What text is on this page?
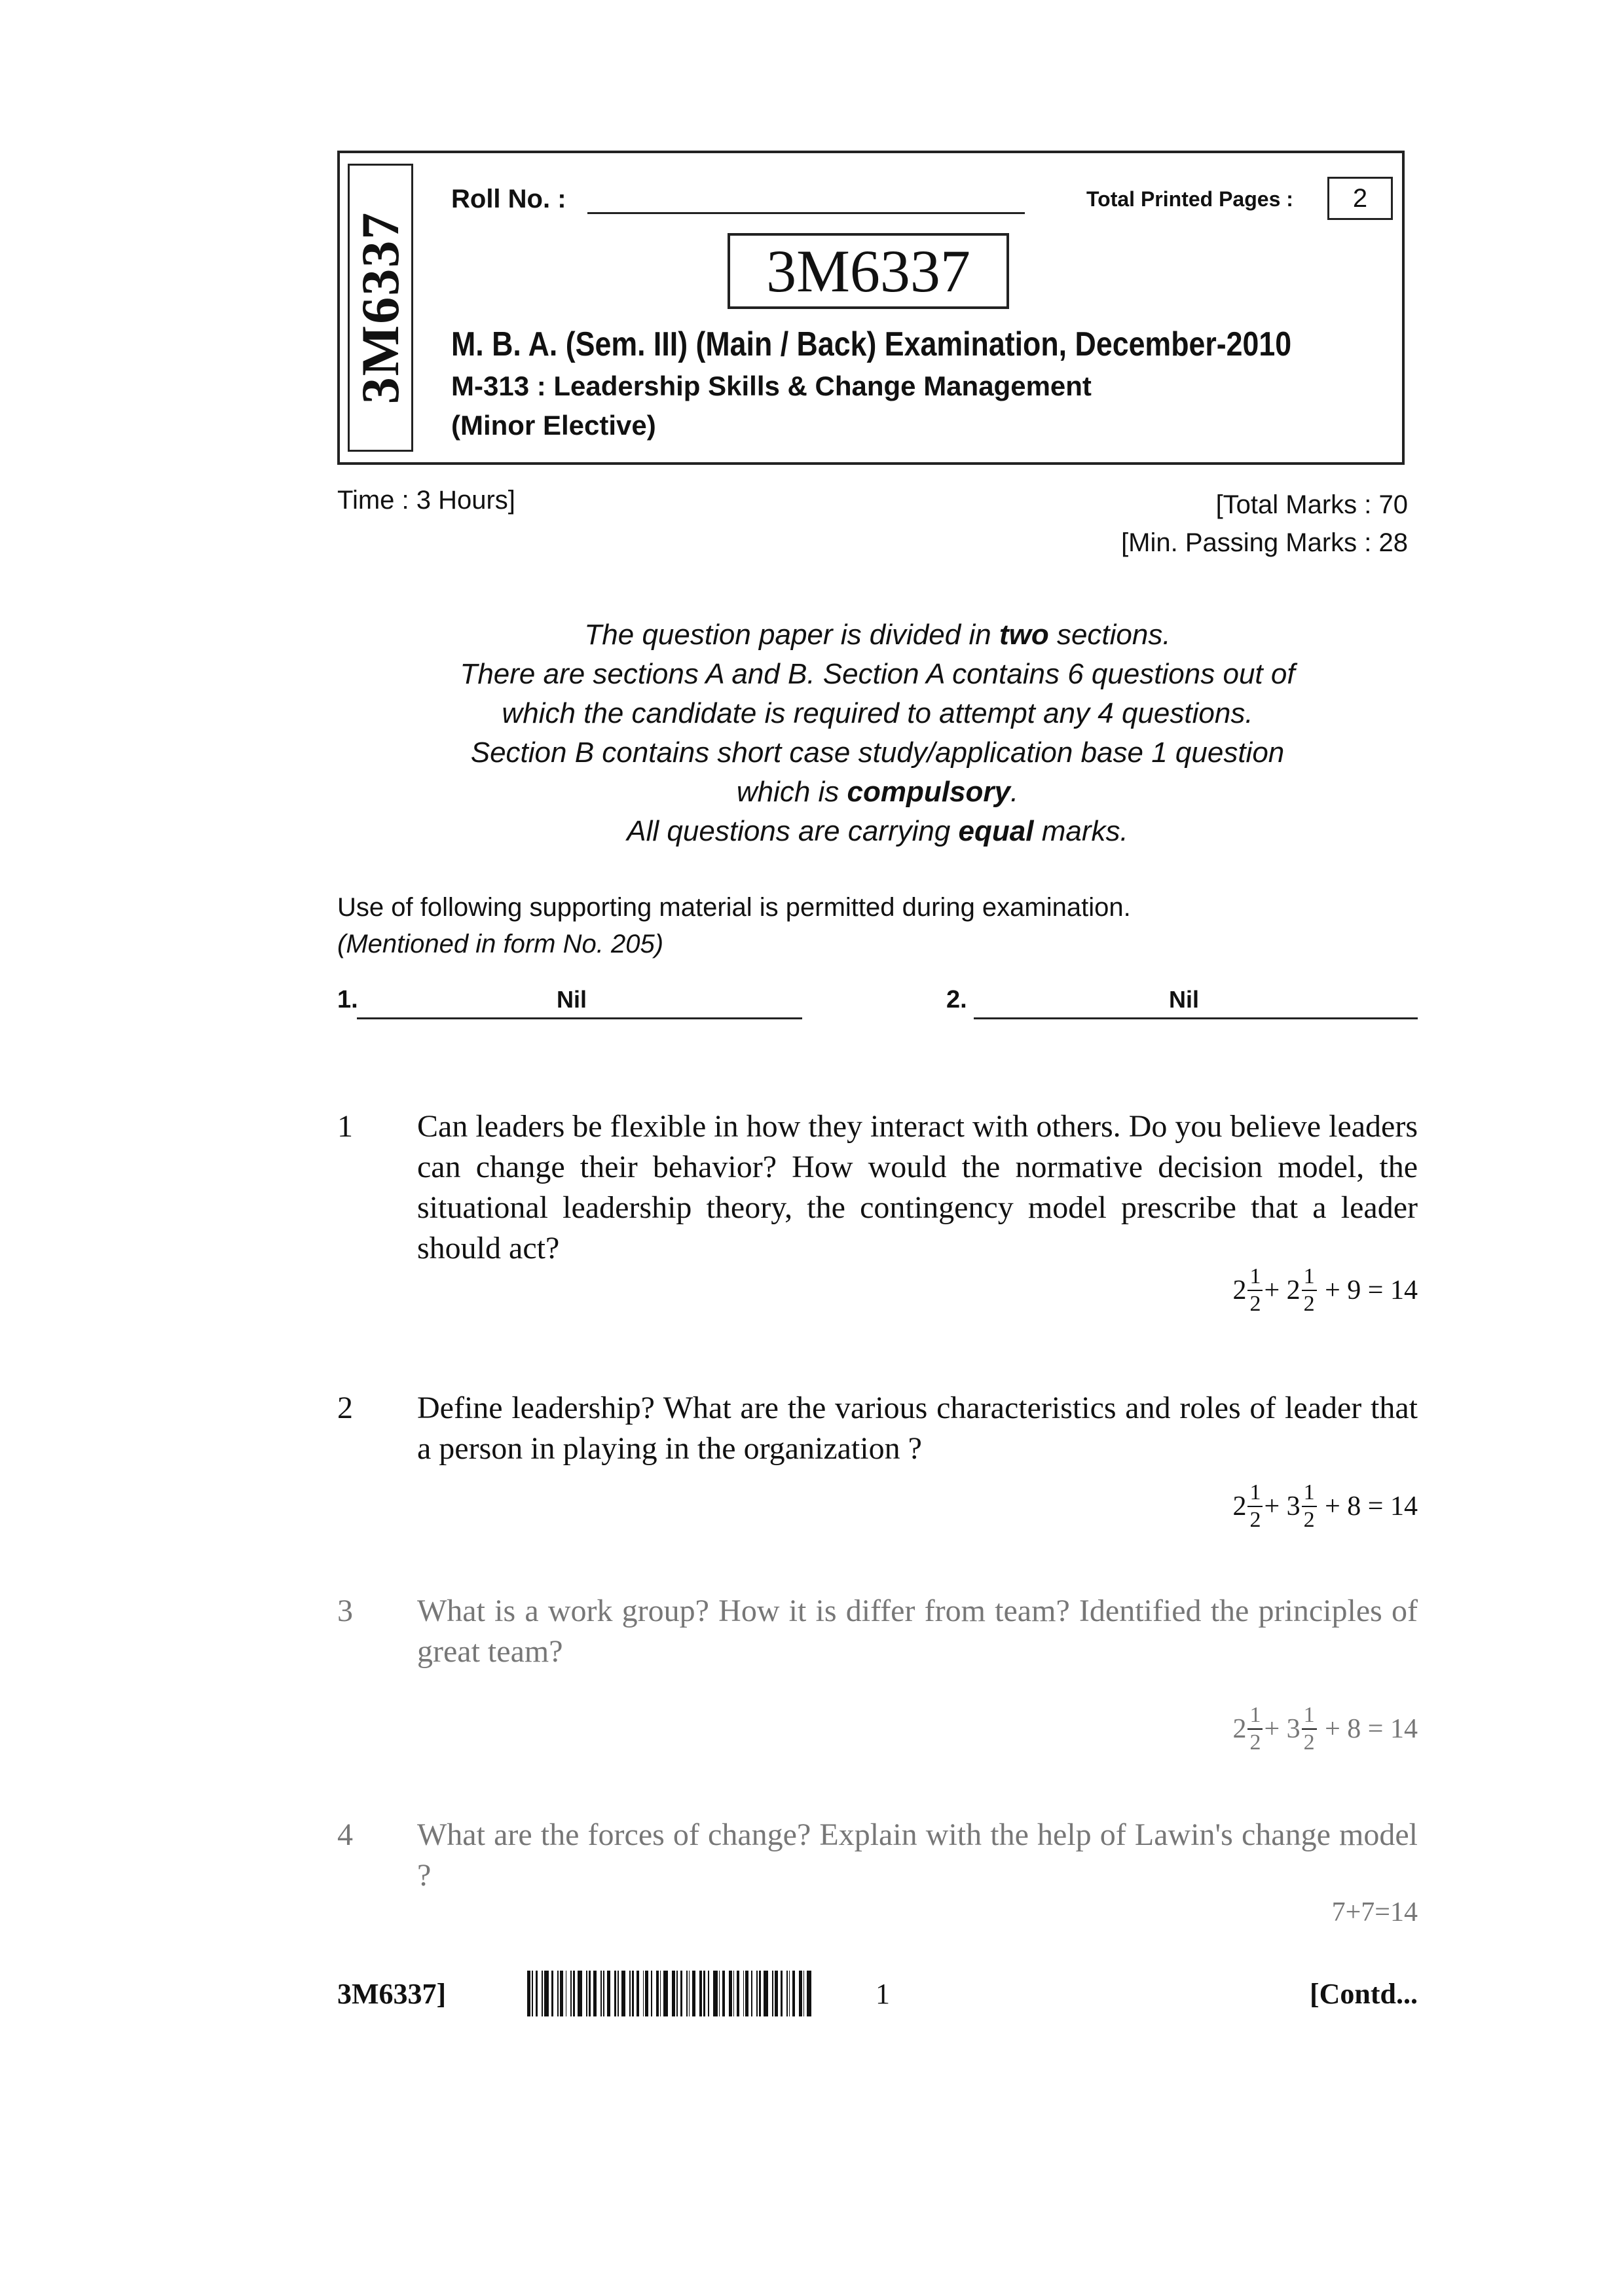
3M6337
Roll No. :	Total Printed Pages :	2
3M6337
M. B. A. (Sem. III) (Main / Back) Examination, December-2010
M-313 : Leadership Skills & Change Management
(Minor Elective)
Time : 3 Hours]	[Total Marks : 70
[Min. Passing Marks : 28
The question paper is divided in two sections.
There are sections A and B. Section A contains 6 questions out of
which the candidate is required to attempt any 4 questions.
Section B contains short case study/application base 1 question
which is compulsory.
All questions are carrying equal marks.
Use of following supporting material is permitted during examination.
(Mentioned in form No. 205)
1.	Nil	2.	Nil
1 Can leaders be flexible in how they interact with others. Do you believe leaders can change their behavior? How would the normative decision model, the situational leadership theory, the contingency model prescribe that a leader should act?
$2 \frac{1}{2}$ +
$2 \frac{1}{2}$
+ 9 = 14
2 Define leadership? What are the various characteristics and roles of leader that a person in playing in the organization ?
$2 \frac{1}{2}$ +
$3 \frac{1}{2}$
+ 8 = 14
3 What is a work group? How it is differ from team? Identified the principles of great team?
$2 \frac{1}{2}$ +
$3 \frac{1}{2}$
+ 8 = 14
4 What are the forces of change? Explain with the help of Lawin's change model ?
7+7=14
3M6337]	1	[Contd...
